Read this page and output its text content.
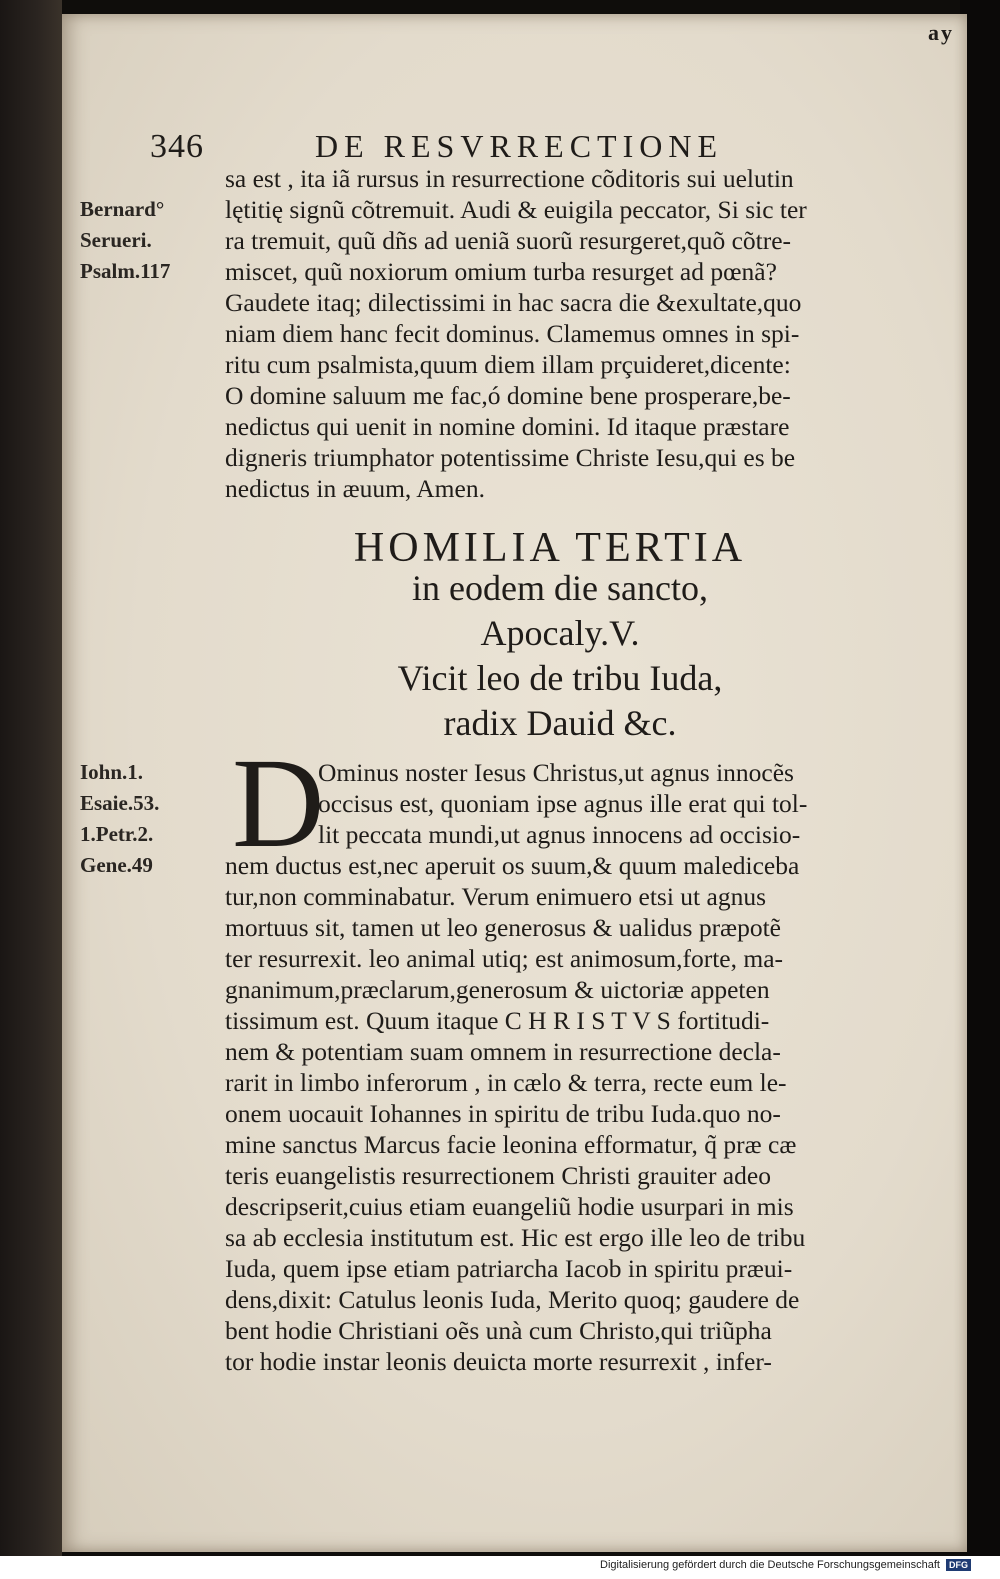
ay
346	DE RESVRRECTIONE
sa est , ita iã rursus in resurrectione cõditoris sui uelutin
lętitię signũ cõtremuit. Audi & euigila peccator, Si sic ter
ra tremuit, quũ dñs ad ueniã suorũ resurgeret,quõ cõtre-
miscet, quũ noxiorum omium turba resurget ad pœnã?
Gaudete itaq; dilectissimi in hac sacra die &exultate,quo
niam diem hanc fecit dominus. Clamemus omnes in spi-
ritu cum psalmista,quum diem illam prçuideret,dicente:
O domine saluum me fac,ó domine bene prosperare,be-
nedictus qui uenit in nomine domini. Id itaque præstare
digneris triumphator potentissime Christe Iesu,qui es be
nedictus in æuum, Amen.
Bernard°
Serueri.
Psalm.117
HOMILIA TERTIA
in eodem die sancto,
Apocaly.V.
Vicit leo de tribu Iuda,
radix Dauid &c.
D
Ominus noster Iesus Christus,ut agnus innocẽs
occisus est, quoniam ipse agnus ille erat qui tol-
lit peccata mundi,ut agnus innocens ad occisio-
nem ductus est,nec aperuit os suum,& quum malediceba
tur,non comminabatur. Verum enimuero etsi ut agnus
mortuus sit, tamen ut leo generosus & ualidus præpotẽ
ter resurrexit. leo animal utiq; est animosum,forte, ma-
gnanimum,præclarum,generosum & uictoriæ appeten
tissimum est. Quum itaque C H R I S T V S fortitudi-
nem & potentiam suam omnem in resurrectione decla-
rarit in limbo inferorum , in cælo & terra, recte eum le-
onem uocauit Iohannes in spiritu de tribu Iuda.quo no-
mine sanctus Marcus facie leonina efformatur, q̃ præ cæ
teris euangelistis resurrectionem Christi grauiter adeo
descripserit,cuius etiam euangeliũ hodie usurpari in mis
sa ab ecclesia institutum est. Hic est ergo ille leo de tribu
Iuda, quem ipse etiam patriarcha Iacob in spiritu præui-
dens,dixit: Catulus leonis Iuda, Merito quoq; gaudere de
bent hodie Christiani oẽs unà cum Christo,qui triũpha
tor hodie instar leonis deuicta morte resurrexit , infer-
Iohn.1.
Esaie.53.
1.Petr.2.
Gene.49
Digitalisierung gefördert durch die Deutsche Forschungsgemeinschaft DFG
